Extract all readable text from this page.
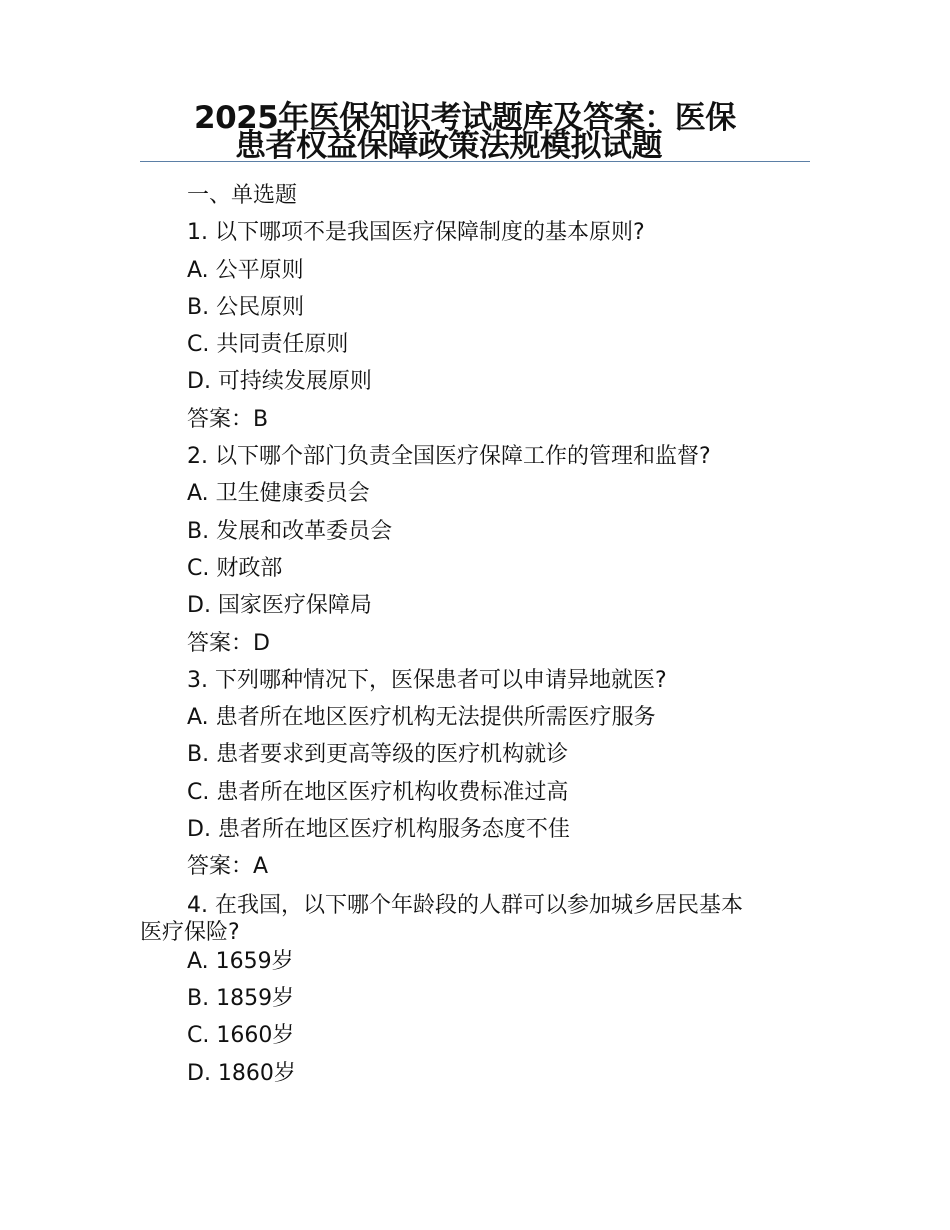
2025年医保知识考试题库及答案：医保
患者权益保障政策法规模拟试题
一、单选题
1. 以下哪项不是我国医疗保障制度的基本原则?
A. 公平原则
B. 公民原则
C. 共同责任原则
D. 可持续发展原则
答案：B
2. 以下哪个部门负责全国医疗保障工作的管理和监督?
A. 卫生健康委员会
B. 发展和改革委员会
C. 财政部
D. 国家医疗保障局
答案：D
3. 下列哪种情况下，医保患者可以申请异地就医?
A. 患者所在地区医疗机构无法提供所需医疗服务
B. 患者要求到更高等级的医疗机构就诊
C. 患者所在地区医疗机构收费标准过高
D. 患者所在地区医疗机构服务态度不佳
答案：A
4. 在我国，以下哪个年龄段的人群可以参加城乡居民基本
医疗保险?
A. 1659岁
B. 1859岁
C. 1660岁
D. 1860岁
